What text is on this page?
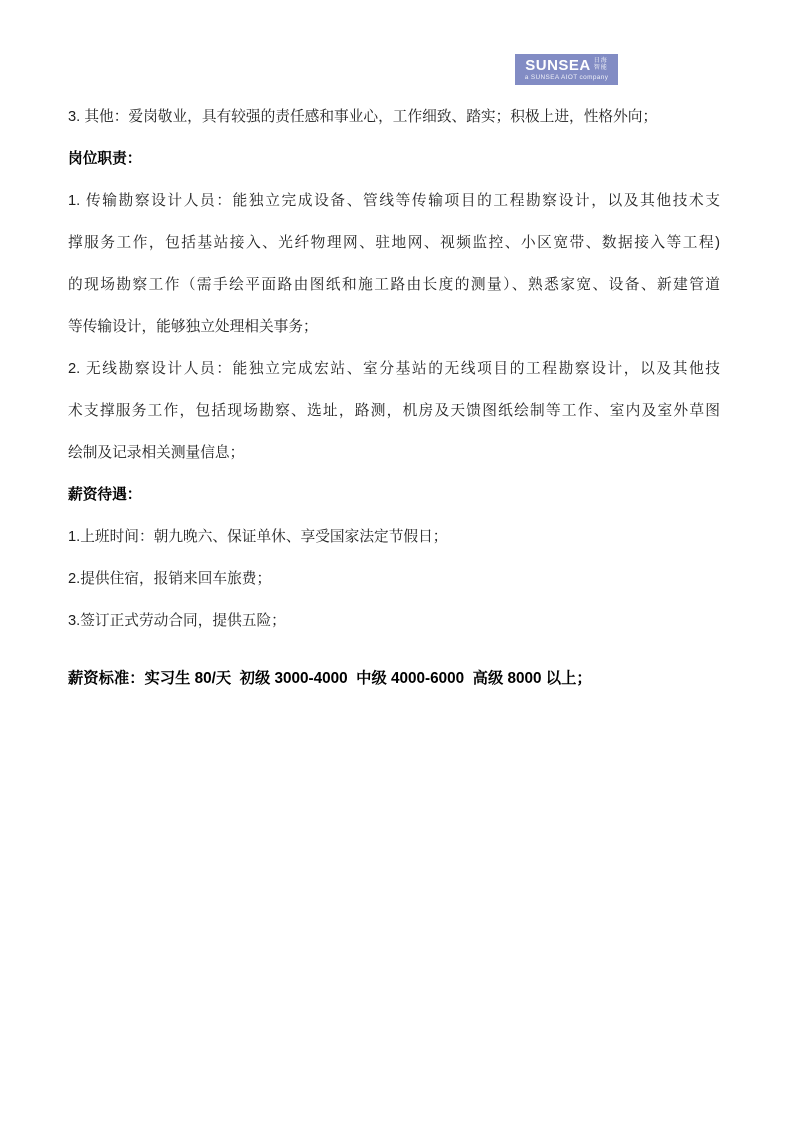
SUNSEA 日海
智能
a SUNSEA AIOT company
3. 其他：爱岗敬业，具有较强的责任感和事业心，工作细致、踏实；积极上进，性格外向；
岗位职责：
1. 传输勘察设计人员：能独立完成设备、管线等传输项目的工程勘察设计，以及其他技术支
撑服务工作，包括基站接入、光纤物理网、驻地网、视频监控、小区宽带、数据接入等工程)
的现场勘察工作（需手绘平面路由图纸和施工路由长度的测量）、熟悉家宽、设备、新建管道
等传输设计，能够独立处理相关事务；
2. 无线勘察设计人员：能独立完成宏站、室分基站的无线项目的工程勘察设计，以及其他技
术支撑服务工作，包括现场勘察、选址，路测，机房及天馈图纸绘制等工作、室内及室外草图
绘制及记录相关测量信息；
薪资待遇：
1.上班时间：朝九晚六、保证单休、享受国家法定节假日；
2.提供住宿，报销来回车旅费；
3.签订正式劳动合同，提供五险；
薪资标准：实习生 80/天  初级 3000-4000  中级 4000-6000  高级 8000 以上；
